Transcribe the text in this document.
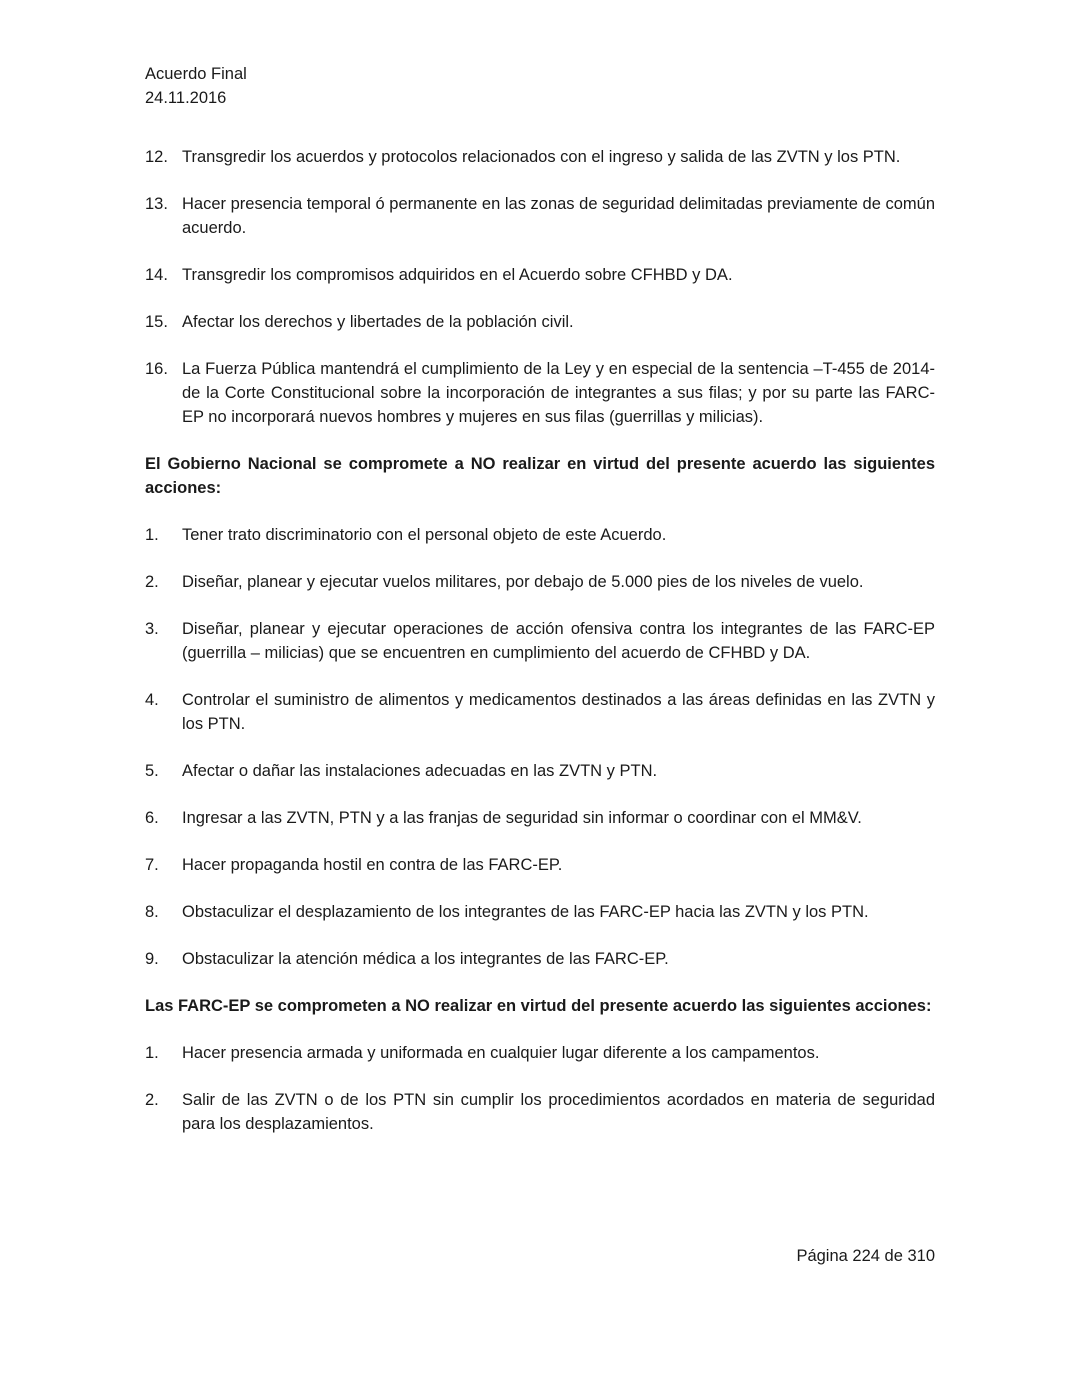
Acuerdo Final
24.11.2016
12. Transgredir los acuerdos y protocolos relacionados con el ingreso y salida de las ZVTN y los PTN.
13. Hacer presencia temporal ó permanente en las zonas de seguridad delimitadas previamente de común acuerdo.
14. Transgredir los compromisos adquiridos en el Acuerdo sobre CFHBD y DA.
15. Afectar los derechos y libertades de la población civil.
16. La Fuerza Pública mantendrá el cumplimiento de la Ley y en especial de la sentencia –T-455 de 2014- de la Corte Constitucional sobre la incorporación de integrantes a sus filas; y por su parte las FARC-EP no incorporará nuevos hombres y mujeres en sus filas (guerrillas y milicias).
El Gobierno Nacional se compromete a NO realizar en virtud del presente acuerdo las siguientes acciones:
1.	Tener trato discriminatorio con el personal objeto de este Acuerdo.
2.	Diseñar, planear y ejecutar vuelos militares, por debajo de 5.000 pies de los niveles de vuelo.
3.	Diseñar, planear y ejecutar operaciones de acción ofensiva contra los integrantes de las FARC-EP (guerrilla – milicias) que se encuentren en cumplimiento del acuerdo de CFHBD y DA.
4.	Controlar el suministro de alimentos y medicamentos destinados a las áreas definidas en las ZVTN y los PTN.
5.	Afectar o dañar las instalaciones adecuadas en las ZVTN y PTN.
6.	Ingresar a las ZVTN, PTN y a las franjas de seguridad sin informar o coordinar con el MM&V.
7.	Hacer propaganda hostil en contra de las FARC-EP.
8.	Obstaculizar el desplazamiento de los integrantes de las FARC-EP hacia las ZVTN y los PTN.
9.	Obstaculizar la atención médica a los integrantes de las FARC-EP.
Las FARC-EP se comprometen a NO realizar en virtud del presente acuerdo las siguientes acciones:
1.	Hacer presencia armada y uniformada en cualquier lugar diferente a los campamentos.
2.	Salir de las ZVTN o de los PTN sin cumplir los procedimientos acordados en materia de seguridad para los desplazamientos.
Página 224 de 310
